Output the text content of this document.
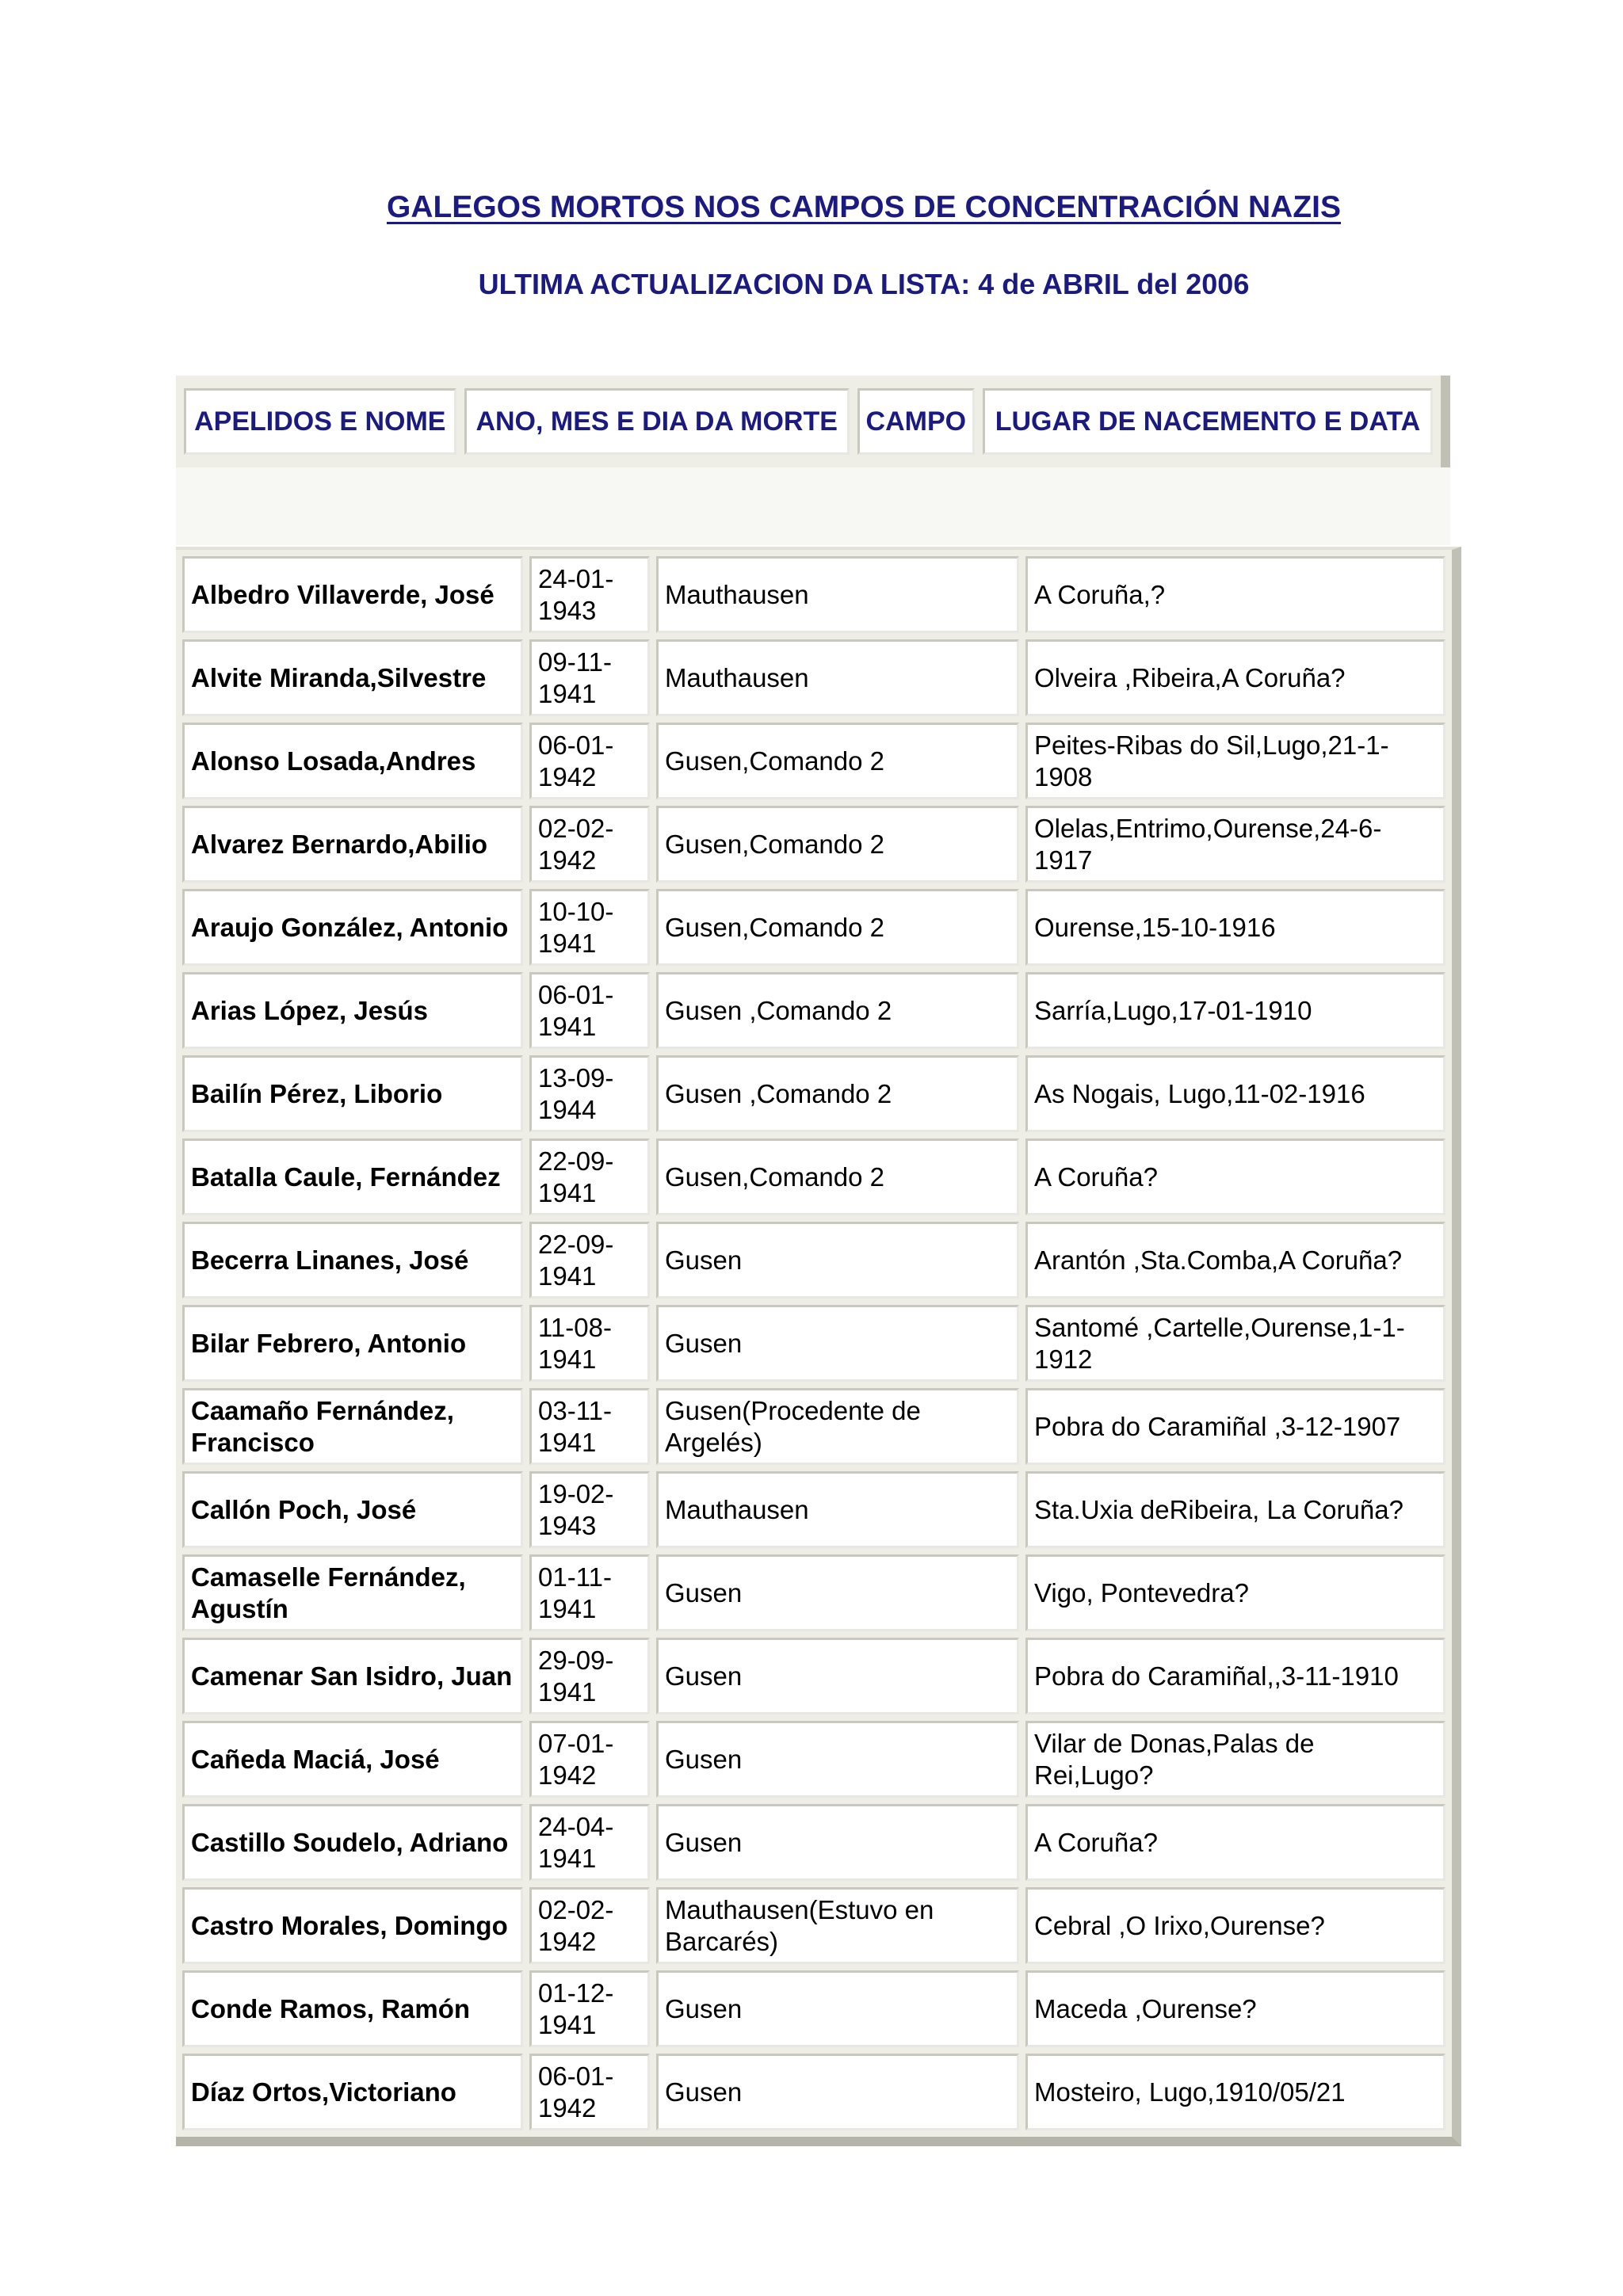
GALEGOS MORTOS NOS CAMPOS DE CONCENTRACIÓN NAZIS
ULTIMA ACTUALIZACION DA LISTA: 4 de ABRIL del 2006
APELIDOS E NOME	ANO, MES E DIA DA MORTE	CAMPO	LUGAR DE NACEMENTO E DATA
Albedro Villaverde, José	24-01-1943	Mauthausen	A Coruña,?
Alvite Miranda,Silvestre	09-11-1941	Mauthausen	Olveira ,Ribeira,A Coruña?
Alonso Losada,Andres	06-01-1942	Gusen,Comando 2	Peites-Ribas do Sil,Lugo,21-1-1908
Alvarez Bernardo,Abilio	02-02-1942	Gusen,Comando 2	Olelas,Entrimo,Ourense,24-6-1917
Araujo González, Antonio	10-10-1941	Gusen,Comando 2	Ourense,15-10-1916
Arias López, Jesús	06-01-1941	Gusen ,Comando 2	Sarría,Lugo,17-01-1910
Bailín Pérez, Liborio	13-09-1944	Gusen ,Comando 2	As Nogais, Lugo,11-02-1916
Batalla Caule, Fernández	22-09-1941	Gusen,Comando 2	A Coruña?
Becerra Linanes, José	22-09-1941	Gusen	Arantón ,Sta.Comba,A Coruña?
Bilar Febrero, Antonio	11-08-1941	Gusen	Santomé ,Cartelle,Ourense,1-1-1912
Caamaño Fernández, Francisco	03-11-1941	Gusen(Procedente de Argelés)	Pobra do Caramiñal ,3-12-1907
Callón Poch, José	19-02-1943	Mauthausen	Sta.Uxia deRibeira, La Coruña?
Camaselle Fernández, Agustín	01-11-1941	Gusen	Vigo, Pontevedra?
Camenar San Isidro, Juan	29-09-1941	Gusen	Pobra do Caramiñal,,3-11-1910
Cañeda Maciá, José	07-01-1942	Gusen	Vilar de Donas,Palas de Rei,Lugo?
Castillo Soudelo, Adriano	24-04-1941	Gusen	A Coruña?
Castro Morales, Domingo	02-02-1942	Mauthausen(Estuvo en Barcarés)	Cebral ,O Irixo,Ourense?
Conde Ramos, Ramón	01-12-1941	Gusen	Maceda ,Ourense?
Díaz Ortos,Victoriano	06-01-1942	Gusen	Mosteiro, Lugo,1910/05/21
